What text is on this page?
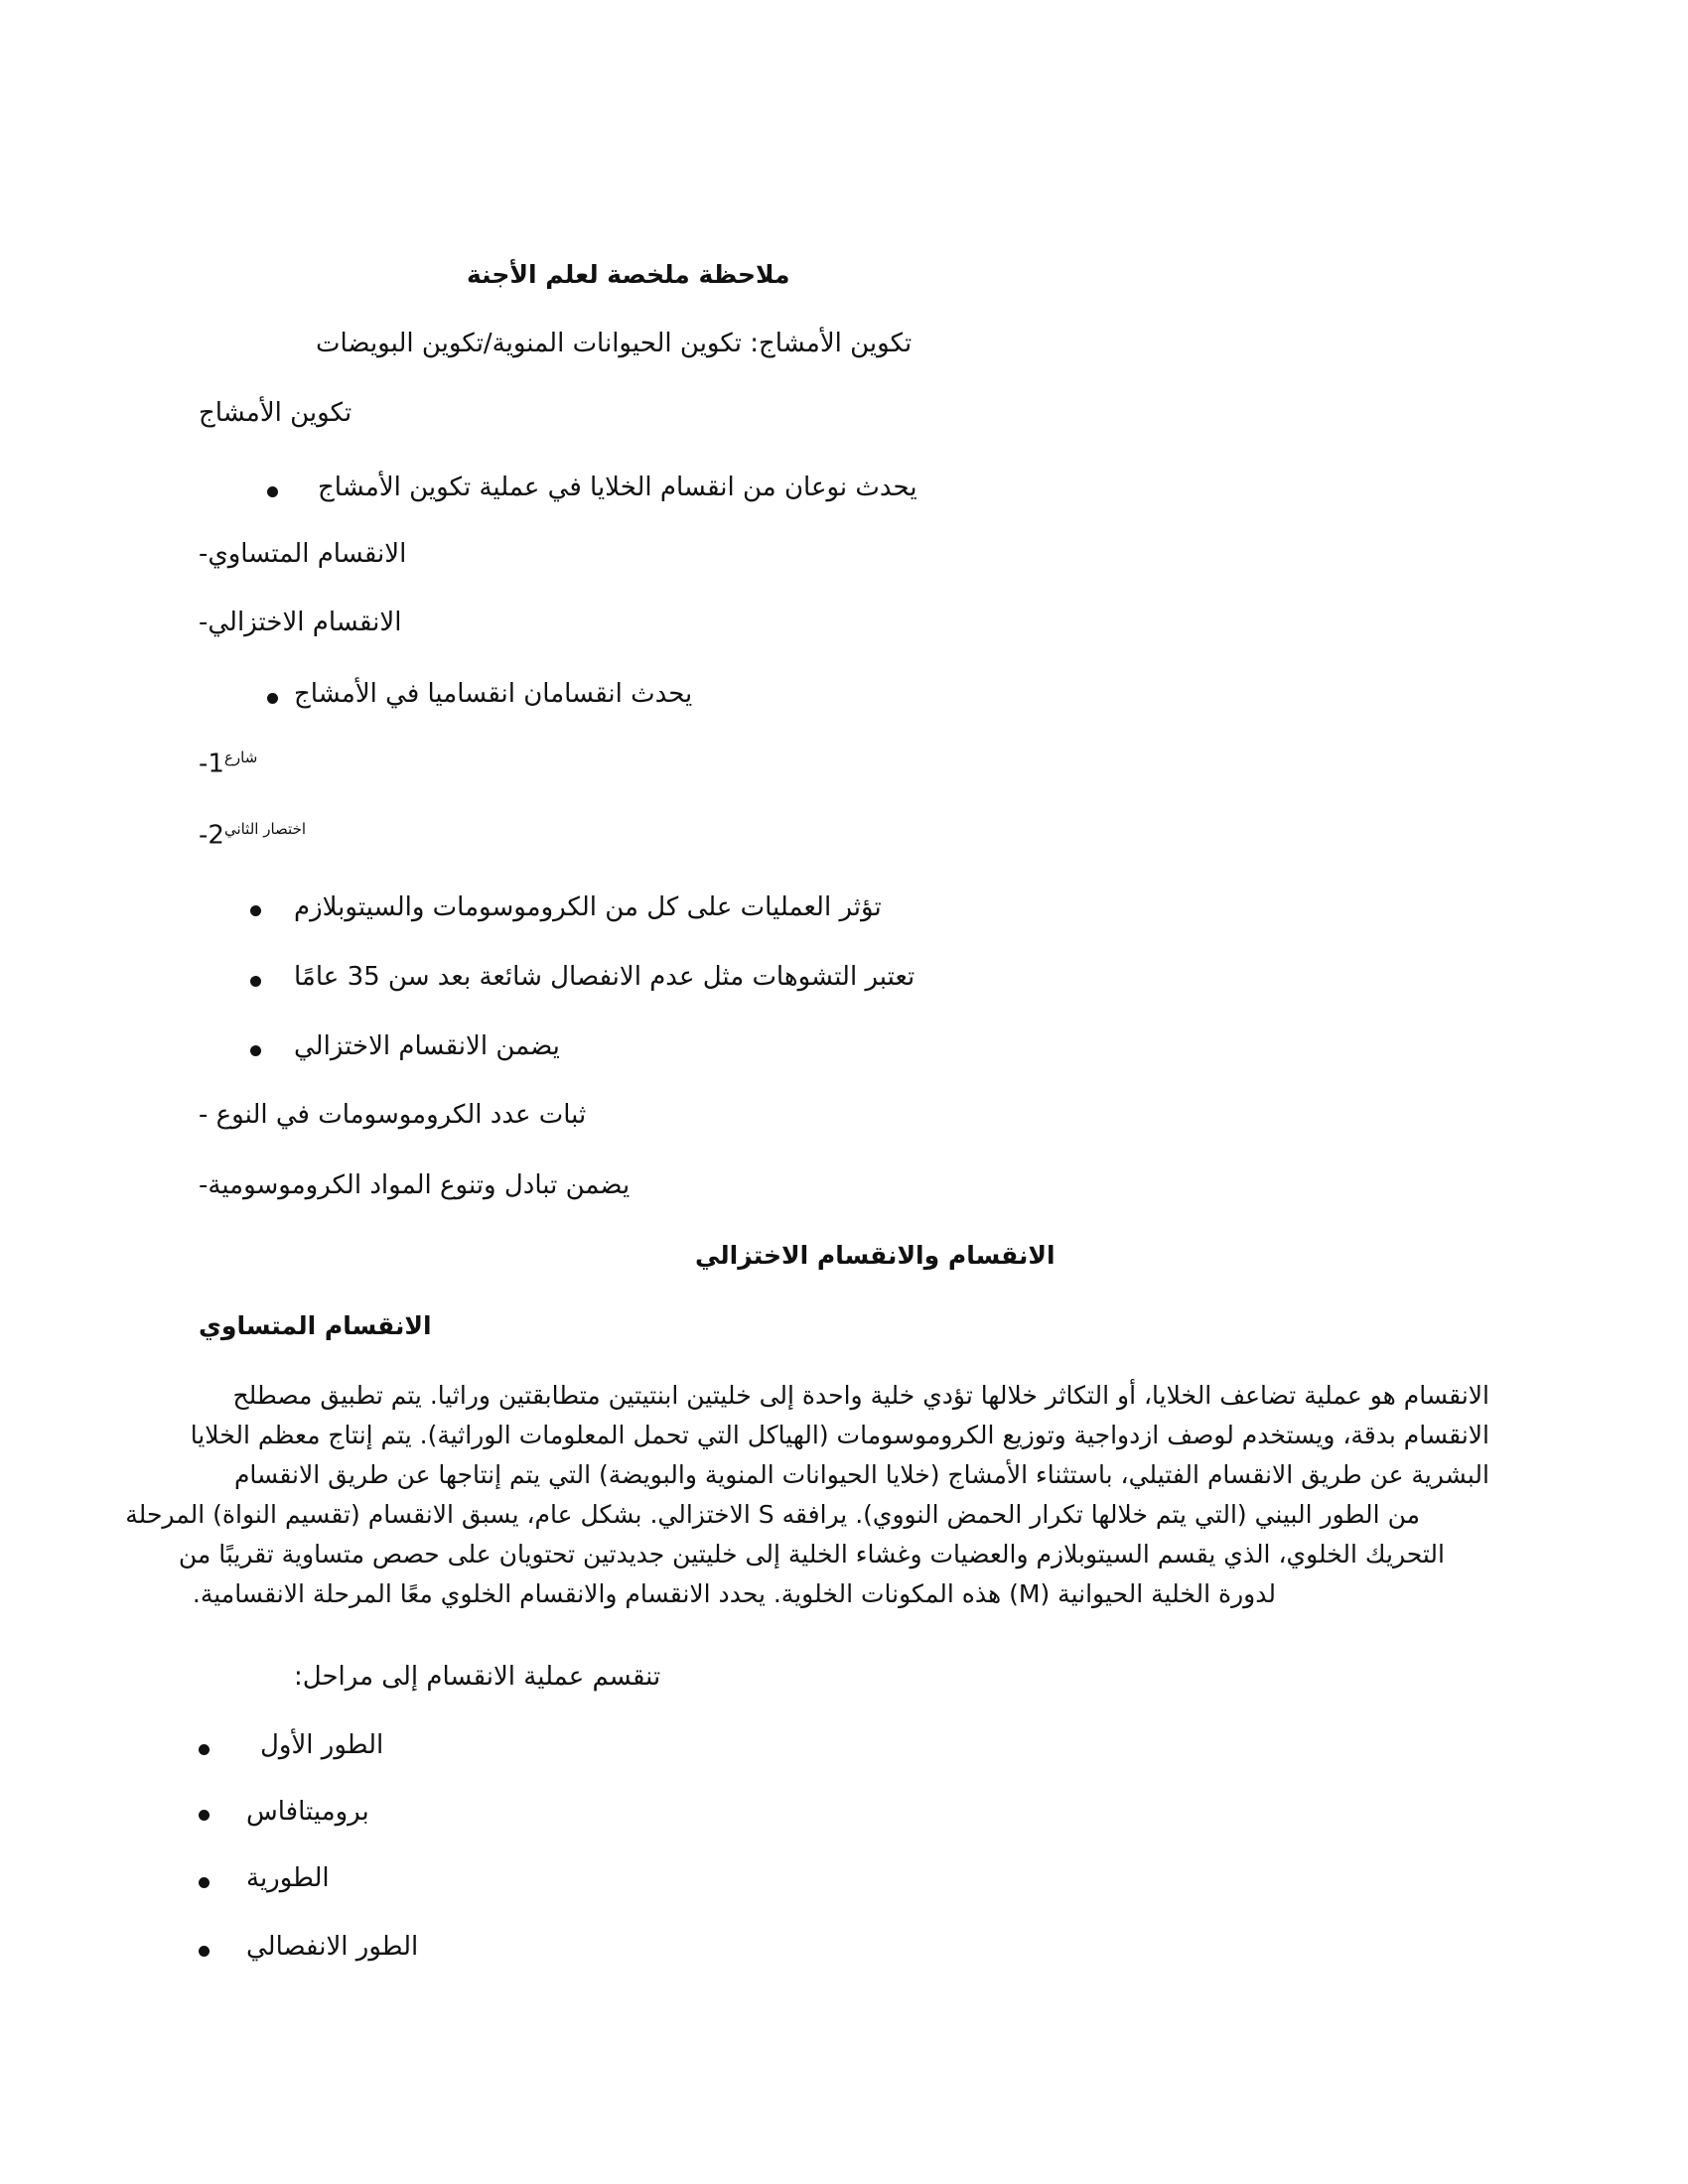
ملاحظة ملخصة لعلم الأجنة
تكوين الأمشاج: تكوين الحيوانات المنوية/تكوين البويضات
تكوين الأمشاج
يحدث نوعان من انقسام الخلايا في عملية تكوين الأمشاج
الانقسام المتساوي-
الانقسام الاختزالي-
يحدث انقسامان انقساميا في الأمشاج
$-1^{شارع}$
$-2^{اختصار الثاني}$
تؤثر العمليات على كل من الكروموسومات والسيتوبلازم
تعتبر التشوهات مثل عدم الانفصال شائعة بعد سن 35 عامًا
يضمن الانقسام الاختزالي
ثبات عدد الكروموسومات في النوع -
يضمن تبادل وتنوع المواد الكروموسومية-
الانقسام والانقسام الاختزالي
الانقسام المتساوي
الانقسام هو عملية تضاعف الخلايا، أو التكاثر خلالها تؤدي خلية واحدة إلى خليتين ابنتيتين متطابقتين وراثيا. يتم تطبيق مصطلح
الانقسام بدقة، ويستخدم لوصف ازدواجية وتوزيع الكروموسومات (الهياكل التي تحمل المعلومات الوراثية). يتم إنتاج معظم الخلايا
البشرية عن طريق الانقسام الفتيلي، باستثناء الأمشاج (خلايا الحيوانات المنوية والبويضة) التي يتم إنتاجها عن طريق الانقسام
من الطور البيني (التي يتم خلالها تكرار الحمض النووي). يرافقه S الاختزالي. بشكل عام، يسبق الانقسام (تقسيم النواة) المرحلة
التحريك الخلوي، الذي يقسم السيتوبلازم والعضيات وغشاء الخلية إلى خليتين جديدتين تحتويان على حصص متساوية تقريبًا من
لدورة الخلية الحيوانية (M) هذه المكونات الخلوية. يحدد الانقسام والانقسام الخلوي معًا المرحلة الانقسامية.
تنقسم عملية الانقسام إلى مراحل:
الطور الأول
بروميتافاس
الطورية
الطور الانفصالي
